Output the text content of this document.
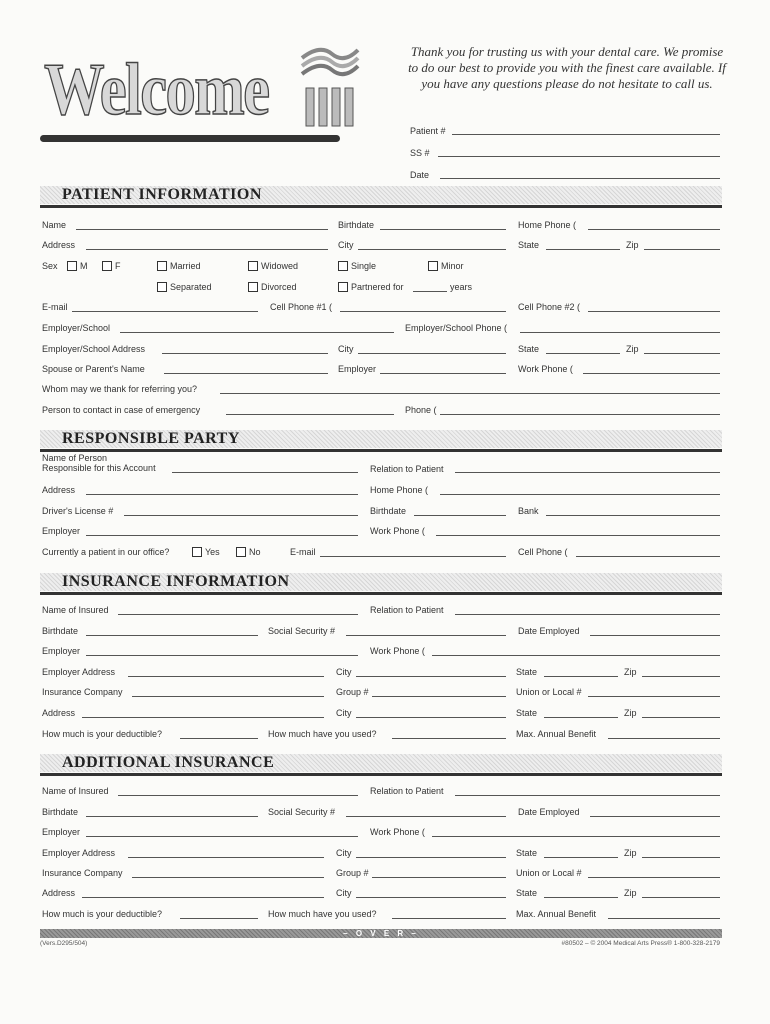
Welcome	Thank you for trusting us with your dental care. We promise to do our best to provide you with the finest care available. If you have any questions please do not hesitate to call us.
Patient #
SS #
Date
PATIENT INFORMATION
Name	Birthdate	Home Phone (
Address	City	State	Zip
Sex M	F	Married	Widowed	Single	Minor
Separated	Divorced	Partnered for	years
E-mail	Cell Phone #1 (	Cell Phone #2 (
Employer/School	Employer/School Phone (
Employer/School Address	City	State	Zip
Spouse or Parent's Name	Employer	Work Phone (
Whom may we thank for referring you?
Person to contact in case of emergency	Phone (
RESPONSIBLE PARTY
Name of Person
Responsible for this Account	Relation to Patient
Address	Home Phone (
Driver's License #	Birthdate	Bank
Employer	Work Phone (
Currently a patient in our office?	Yes	No	E-mail	Cell Phone (
INSURANCE INFORMATION
Name of Insured	Relation to Patient
Birthdate	Social Security #	Date Employed
Employer	Work Phone (
Employer Address	City	State	Zip
Insurance Company	Group #	Union or Local #
Address	City	State	Zip
How much is your deductible?	How much have you used?	Max. Annual Benefit
ADDITIONAL INSURANCE
Name of Insured	Relation to Patient
Birthdate	Social Security #	Date Employed
Employer	Work Phone (
Employer Address	City	State	Zip
Insurance Company	Group #	Union or Local #
Address	City	State	Zip
How much is your deductible?	How much have you used?	Max. Annual Benefit
– O V E R –
(Vers.D295/504)	#80502 – © 2004 Medical Arts Press® 1-800-328-2179
